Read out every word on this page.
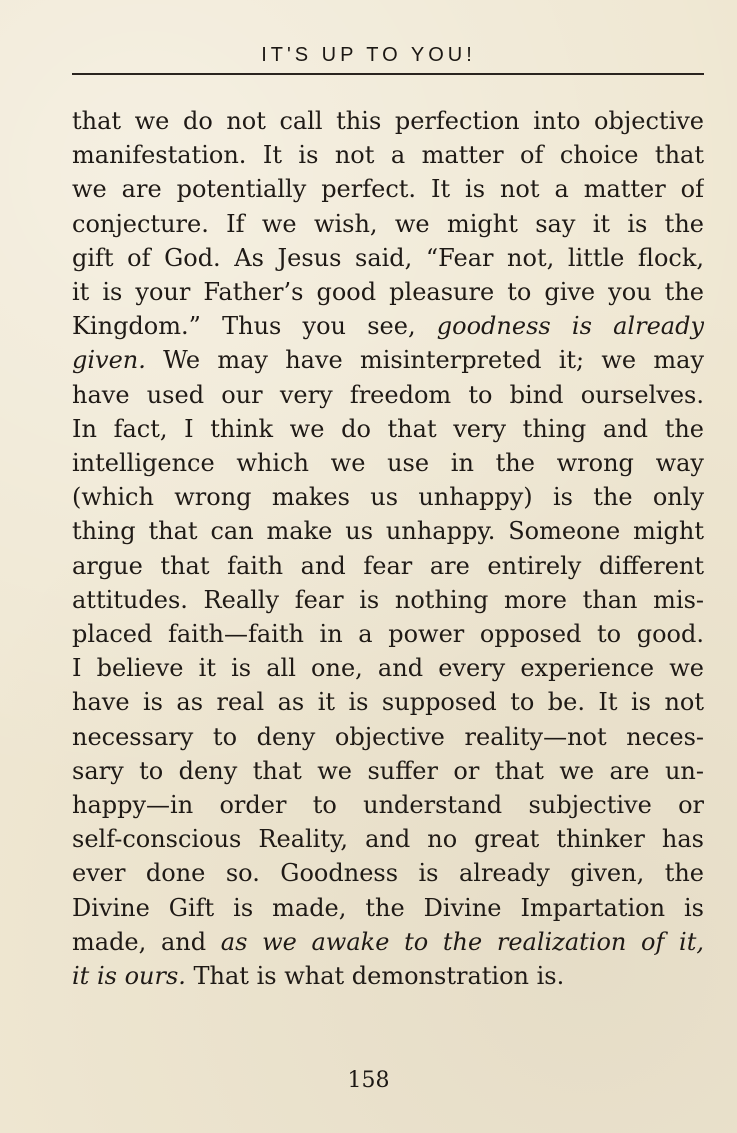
IT'S UP TO YOU!
that we do not call this perfection into objective
manifestation. It is not a matter of choice that
we are potentially perfect. It is not a matter of
conjecture. If we wish, we might say it is the
gift of God. As Jesus said, “Fear not, little flock,
it is your Father’s good pleasure to give you the
Kingdom.” Thus you see, goodness is already
given. We may have misinterpreted it; we may
have used our very freedom to bind ourselves.
In fact, I think we do that very thing and the
intelligence which we use in the wrong way
(which wrong makes us unhappy) is the only
thing that can make us unhappy. Someone might
argue that faith and fear are entirely different
attitudes. Really fear is nothing more than mis-
placed faith—faith in a power opposed to good.
I believe it is all one, and every experience we
have is as real as it is supposed to be. It is not
necessary to deny objective reality—not neces-
sary to deny that we suffer or that we are un-
happy—in order to understand subjective or
self-conscious Reality, and no great thinker has
ever done so. Goodness is already given, the
Divine Gift is made, the Divine Impartation is
made, and as we awake to the realization of it,
it is ours. That is what demonstration is.
158
